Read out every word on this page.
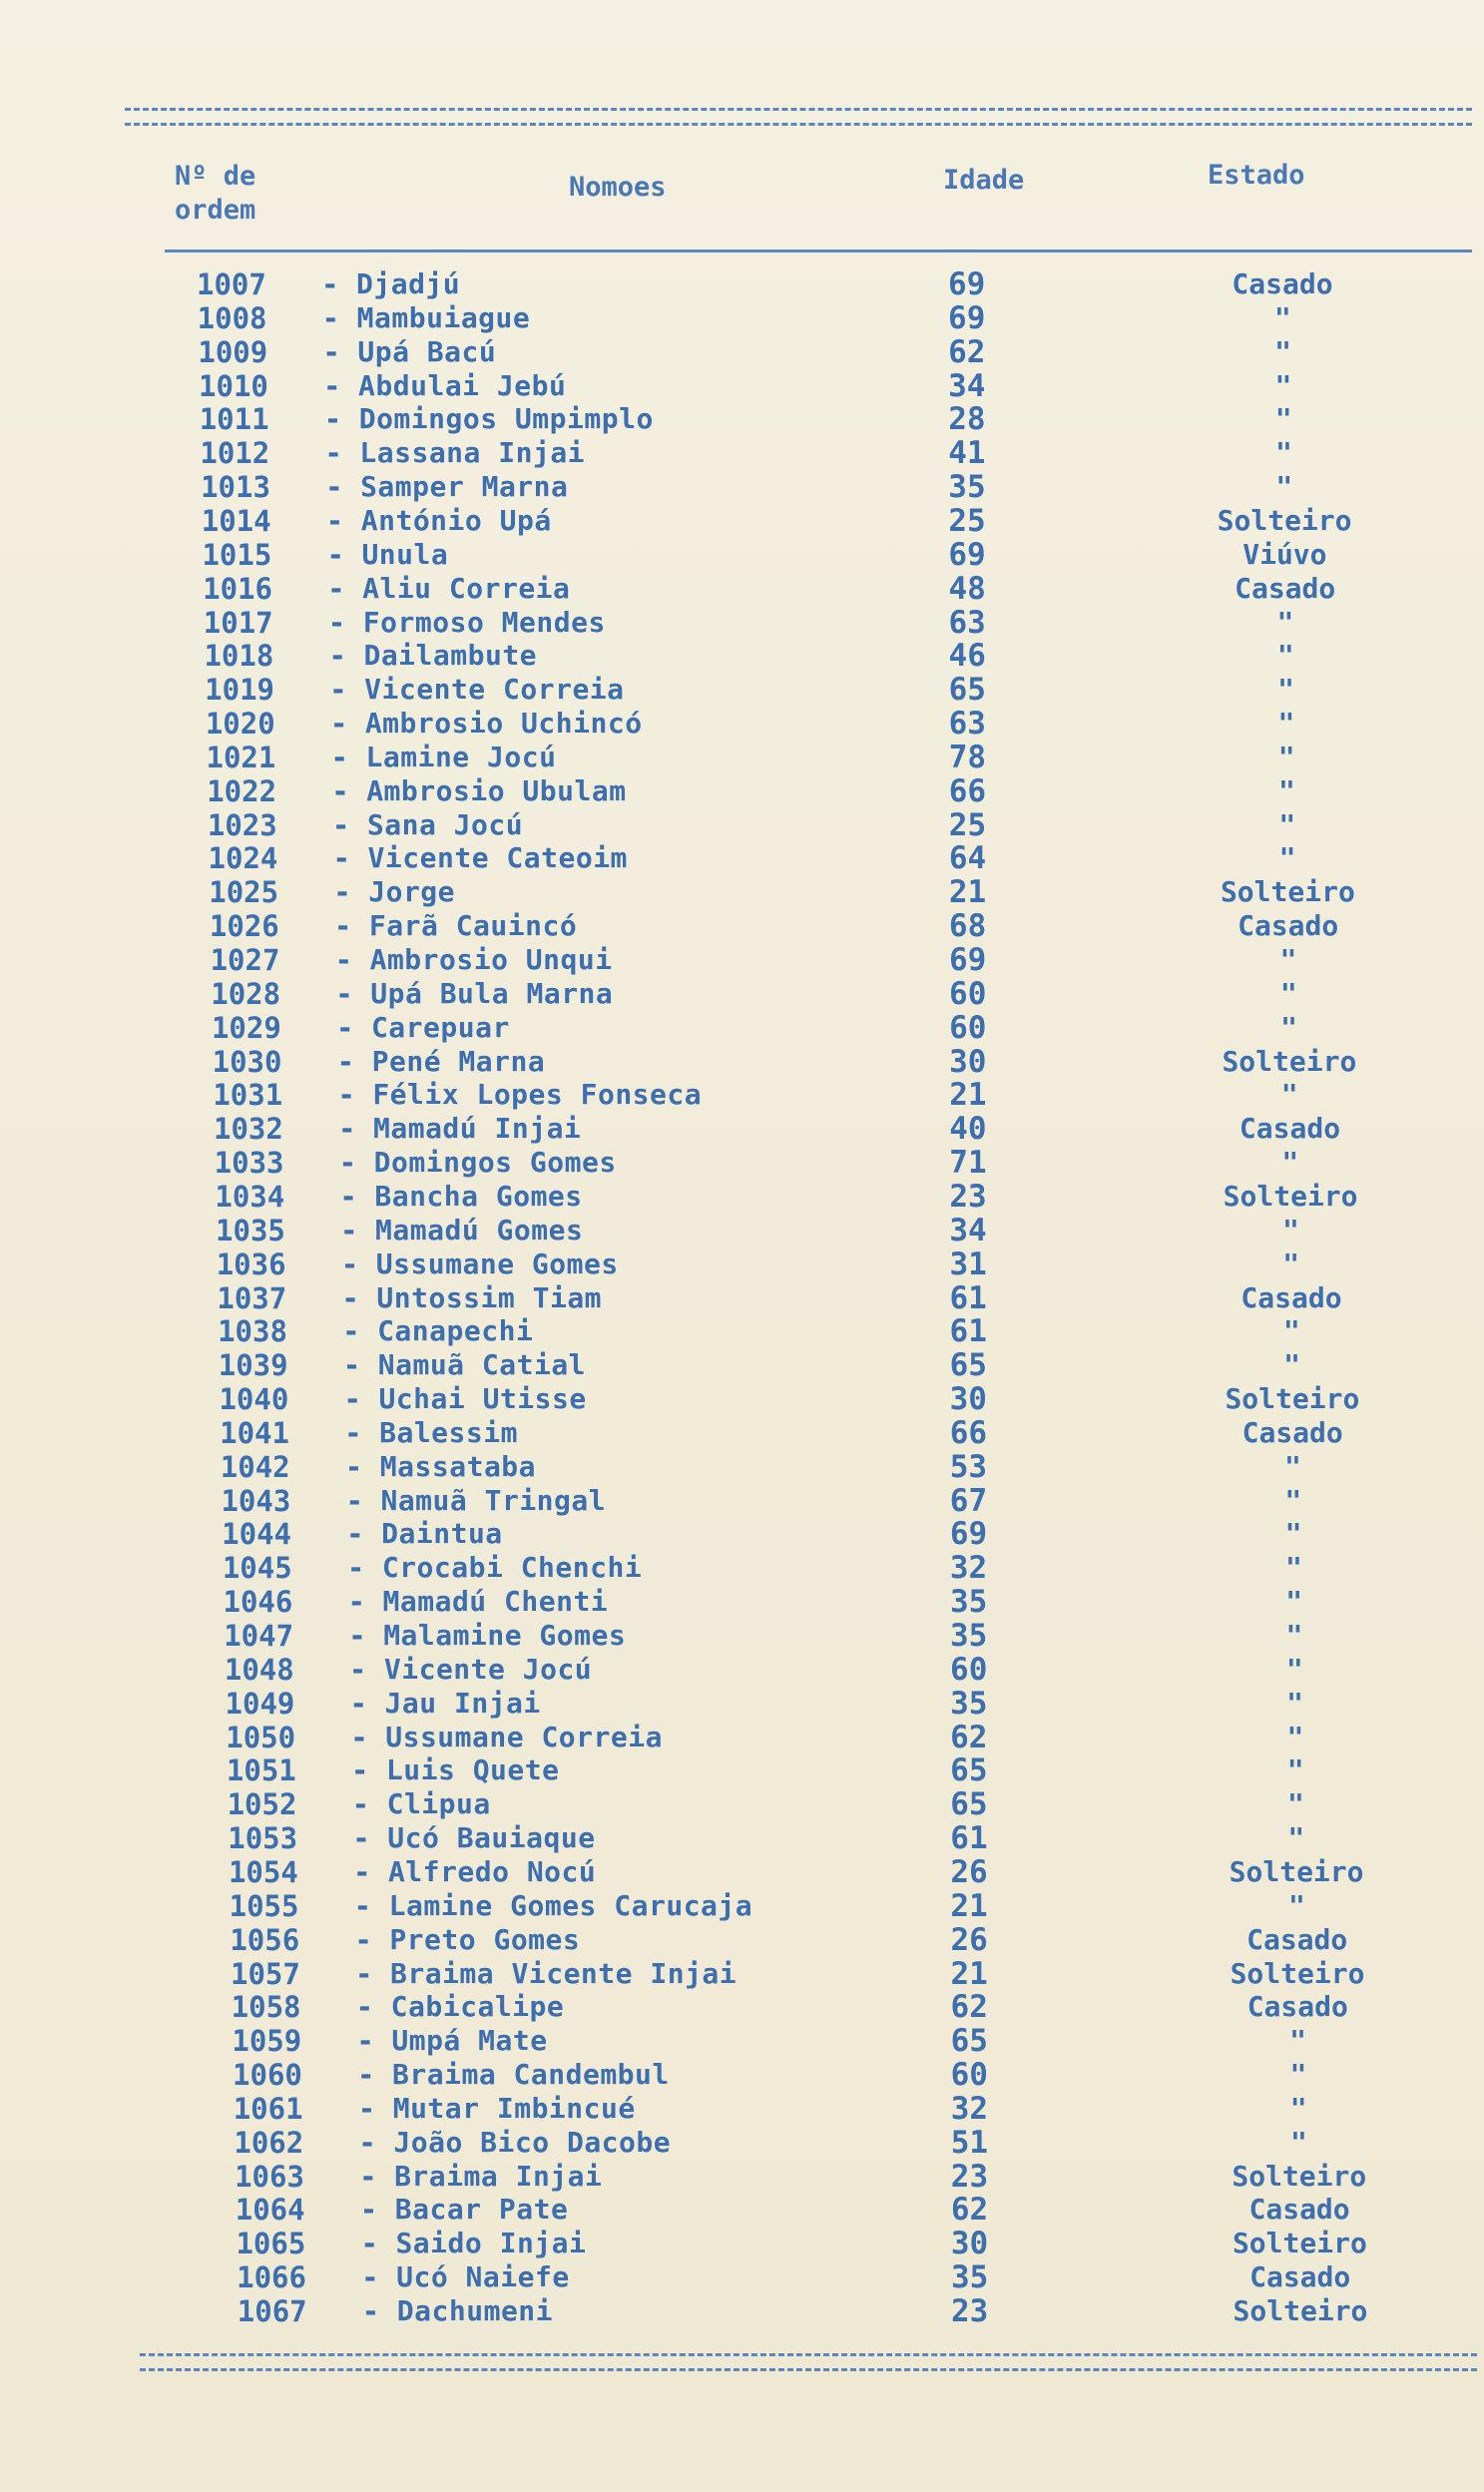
Nº de ordem
Nomoes	Idade	Estado
1007 - Djadjú	69	Casado
1008 - Mambuiague	69	"
1009 - Upá Bacú	62	"
1010 - Abdulai Jebú	34	"
1011 - Domingos Umpimplo	28	"
1012 - Lassana Injai	41	"
1013 - Samper Marna	35	"
1014 - António Upá	25	Solteiro
1015 - Unula	69	Viúvo
1016 - Aliu Correia	48	Casado
1017 - Formoso Mendes	63	"
1018 - Dailambute	46	"
1019 - Vicente Correia	65	"
1020 - Ambrosio Uchincó	63	"
1021 - Lamine Jocú	78	"
1022 - Ambrosio Ubulam	66	"
1023 - Sana Jocú	25	"
1024 - Vicente Cateoim	64	"
1025 - Jorge	21	Solteiro
1026 - Farã Cauincó	68	Casado
1027 - Ambrosio Unqui	69	"
1028 - Upá Bula Marna	60	"
1029 - Carepuar	60	"
1030 - Pené Marna	30	Solteiro
1031 - Félix Lopes Fonseca	21	"
1032 - Mamadú Injai	40	Casado
1033 - Domingos Gomes	71	"
1034 - Bancha Gomes	23	Solteiro
1035 - Mamadú Gomes	34	"
1036 - Ussumane Gomes	31	"
1037 - Untossim Tiam	61	Casado
1038 - Canapechi	61	"
1039 - Namuã Catial	65	"
1040 - Uchai Utisse	30	Solteiro
1041 - Balessim	66	Casado
1042 - Massataba	53	"
1043 - Namuã Tringal	67	"
1044 - Daintua	69	"
1045 - Crocabi Chenchi	32	"
1046 - Mamadú Chenti	35	"
1047 - Malamine Gomes	35	"
1048 - Vicente Jocú	60	"
1049 - Jau Injai	35	"
1050 - Ussumane Correia	62	"
1051 - Luis Quete	65	"
1052 - Clipua	65	"
1053 - Ucó Bauiaque	61	"
1054 - Alfredo Nocú	26	Solteiro
1055 - Lamine Gomes Carucaja	21	"
1056 - Preto Gomes	26	Casado
1057 - Braima Vicente Injai	21	Solteiro
1058 - Cabicalipe	62	Casado
1059 - Umpá Mate	65	"
1060 - Braima Candembul	60	"
1061 - Mutar Imbincué	32	"
1062 - João Bico Dacobe	51	"
1063 - Braima Injai	23	Solteiro
1064 - Bacar Pate	62	Casado
1065 - Saido Injai	30	Solteiro
1066 - Ucó Naiefe	35	Casado
1067 - Dachumeni	23	Solteiro
